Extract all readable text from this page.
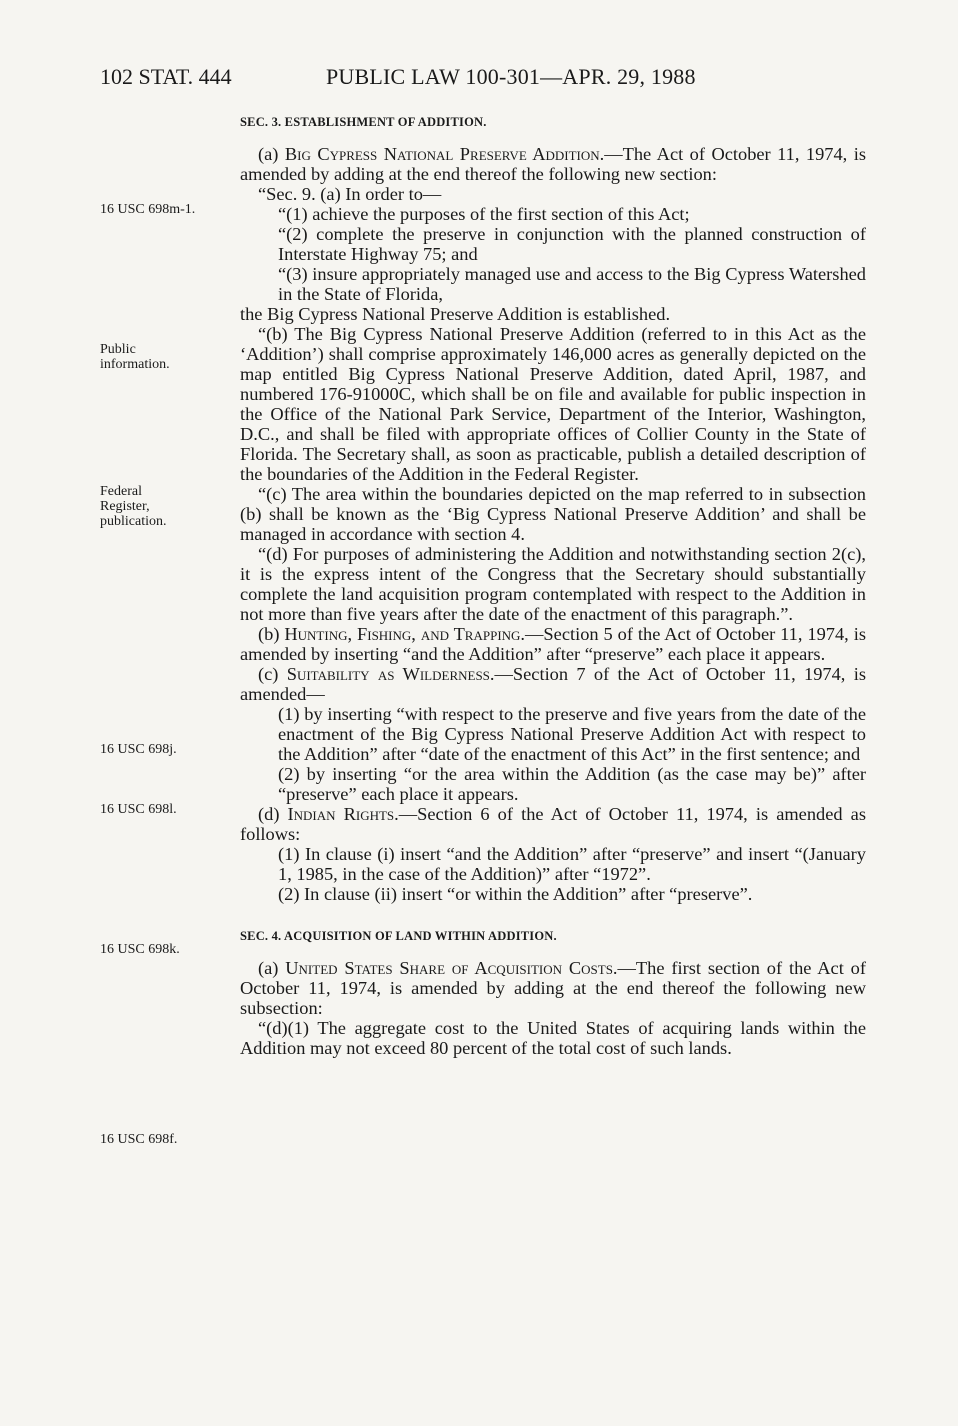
102 STAT. 444	PUBLIC LAW 100-301—APR. 29, 1988
16 USC 698m-1.
Public
information.
Federal
Register,
publication.
16 USC 698j.
16 USC 698l.
16 USC 698k.
16 USC 698f.

SEC. 3. ESTABLISHMENT OF ADDITION.

(a) Big Cypress National Preserve Addition.—The Act of October 11, 1974, is amended by adding at the end thereof the following new section:

“Sec. 9. (a) In order to—

“(1) achieve the purposes of the first section of this Act;

“(2) complete the preserve in conjunction with the planned construction of Interstate Highway 75; and

“(3) insure appropriately managed use and access to the Big Cypress Watershed in the State of Florida,

the Big Cypress National Preserve Addition is established.

“(b) The Big Cypress National Preserve Addition (referred to in this Act as the ‘Addition’) shall comprise approximately 146,000 acres as generally depicted on the map entitled Big Cypress National Preserve Addition, dated April, 1987, and numbered 176-91000C, which shall be on file and available for public inspection in the Office of the National Park Service, Department of the Interior, Washington, D.C., and shall be filed with appropriate offices of Collier County in the State of Florida. The Secretary shall, as soon as practicable, publish a detailed description of the boundaries of the Addition in the Federal Register.

“(c) The area within the boundaries depicted on the map referred to in subsection (b) shall be known as the ‘Big Cypress National Preserve Addition’ and shall be managed in accordance with section 4.

“(d) For purposes of administering the Addition and notwithstanding section 2(c), it is the express intent of the Congress that the Secretary should substantially complete the land acquisition program contemplated with respect to the Addition in not more than five years after the date of the enactment of this paragraph.”.

(b) Hunting, Fishing, and Trapping.—Section 5 of the Act of October 11, 1974, is amended by inserting “and the Addition” after “preserve” each place it appears.

(c) Suitability as Wilderness.—Section 7 of the Act of October 11, 1974, is amended—

(1) by inserting “with respect to the preserve and five years from the date of the enactment of the Big Cypress National Preserve Addition Act with respect to the Addition” after “date of the enactment of this Act” in the first sentence; and

(2) by inserting “or the area within the Addition (as the case may be)” after “preserve” each place it appears.

(d) Indian Rights.—Section 6 of the Act of October 11, 1974, is amended as follows:

(1) In clause (i) insert “and the Addition” after “preserve” and insert “(January 1, 1985, in the case of the Addition)” after “1972”.

(2) In clause (ii) insert “or within the Addition” after “preserve”.

SEC. 4. ACQUISITION OF LAND WITHIN ADDITION.

(a) United States Share of Acquisition Costs.—The first section of the Act of October 11, 1974, is amended by adding at the end thereof the following new subsection:

“(d)(1) The aggregate cost to the United States of acquiring lands within the Addition may not exceed 80 percent of the total cost of such lands.
